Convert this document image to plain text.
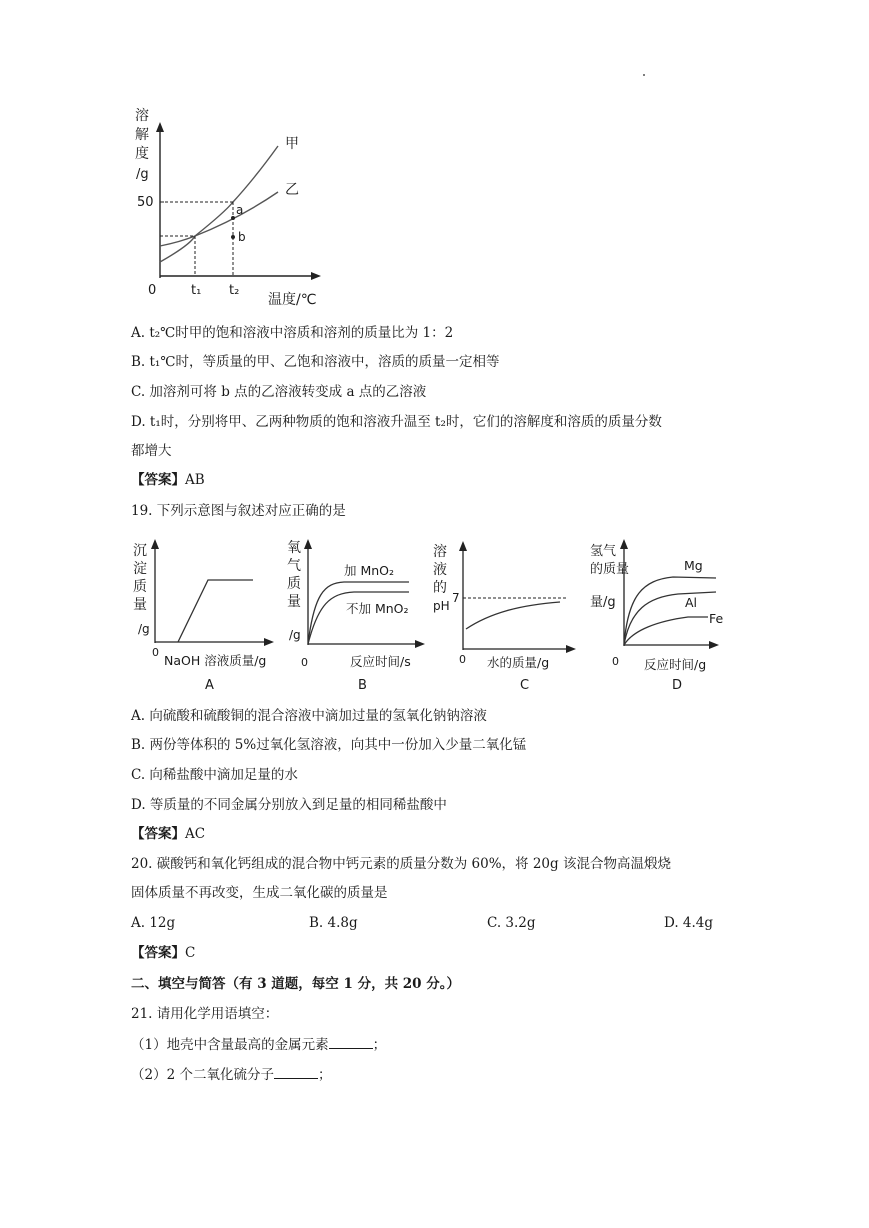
溶
解
度
/g
50
0	t₁ t₂
温度/℃
甲
乙
a
b
A. t₂℃时甲的饱和溶液中溶质和溶剂的质量比为 1：2
B. t₁℃时，等质量的甲、乙饱和溶液中，溶质的质量一定相等
C. 加溶剂可将 b 点的乙溶液转变成 a 点的乙溶液
D. t₁时，分别将甲、乙两种物质的饱和溶液升温至 t₂时，它们的溶解度和溶质的质量分数
都增大
【答案】AB
19. 下列示意图与叙述对应正确的是
沉
淀
质
量
/g
0
NaOH 溶液质量/g
A
氧
气
质
量
/g
加 MnO₂
不加 MnO₂
0	反应时间/s
B
溶
液
的
pH
7
0 水的质量/g
C
氢气
的质量
量/g
Mg
Al
Fe
0 反应时间/g
D
A. 向硫酸和硫酸铜的混合溶液中滴加过量的氢氧化钠钠溶液
B. 两份等体积的 5%过氧化氢溶液，向其中一份加入少量二氧化锰
C. 向稀盐酸中滴加足量的水
D. 等质量的不同金属分别放入到足量的相同稀盐酸中
【答案】AC
20. 碳酸钙和氧化钙组成的混合物中钙元素的质量分数为 60%，将 20g 该混合物高温煅烧
固体质量不再改变，生成二氧化碳的质量是
A. 12g	B. 4.8g	C. 3.2g	D. 4.4g
【答案】C
二、填空与简答（有 3 道题，每空 1 分，共 20 分。）
21. 请用化学用语填空：
（1）地壳中含量最高的金属元素	；
（2）2 个二氧化硫分子	；
